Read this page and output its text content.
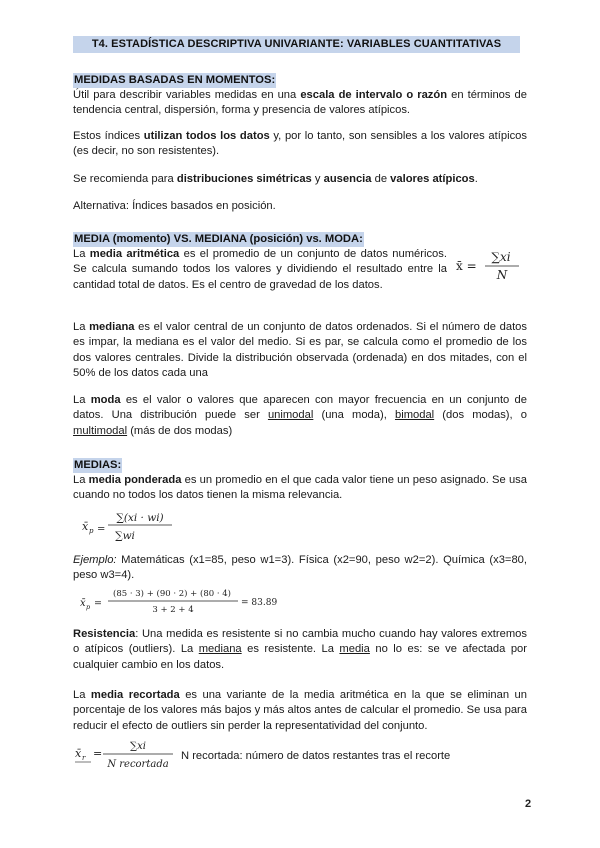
T4. ESTADÍSTICA DESCRIPTIVA UNIVARIANTE: VARIABLES CUANTITATIVAS
MEDIDAS BASADAS EN MOMENTOS:

Útil para describir variables medidas en una escala de intervalo o razón en términos de tendencia central, dispersión, forma y presencia de valores atípicos.

Estos índices utilizan todos los datos y, por lo tanto, son sensibles a los valores atípicos (es decir, no son resistentes).

Se recomienda para distribuciones simétricas y ausencia de valores atípicos.

Alternativa: Índices basados en posición.

MEDIA (momento) VS. MEDIANA (posición) vs. MODA:

La media aritmética es el promedio de un conjunto de datos numéricos. Se calcula sumando todos los valores y dividiendo el resultado entre la cantidad total de datos. Es el centro de gravedad de los datos.

x̄ =
∑xi
N

La mediana es el valor central de un conjunto de datos ordenados. Si el número de datos es impar, la mediana es el valor del medio. Si es par, se calcula como el promedio de los dos valores centrales. Divide la distribución observada (ordenada) en dos mitades, con el 50% de los datos cada una

La moda es el valor o valores que aparecen con mayor frecuencia en un conjunto de datos. Una distribución puede ser unimodal (una moda), bimodal (dos modas), o multimodal (más de dos modas)

MEDIAS:

La media ponderada es un promedio en el que cada valor tiene un peso asignado. Se usa cuando no todos los datos tienen la misma relevancia.

x̄ p =
∑(xi · wi)
∑wi

Ejemplo: Matemáticas (x1=85, peso w1=3). Física (x2=90, peso w2=2). Química (x3=80, peso w3=4).

x̄ p =
(85 · 3) + (90 · 2) + (80 · 4)
3 + 2 + 4
= 83.89

Resistencia: Una medida es resistente si no cambia mucho cuando hay valores extremos o atípicos (outliers). La mediana es resistente. La media no lo es: se ve afectada por cualquier cambio en los datos.

La media recortada es una variante de la media aritmética en la que se eliminan un porcentaje de los valores más bajos y más altos antes de calcular el promedio. Se usa para reducir el efecto de outliers sin perder la representatividad del conjunto.

x̄ r =
∑xi
N recortada
N recortada: número de datos restantes tras el recorte
2
